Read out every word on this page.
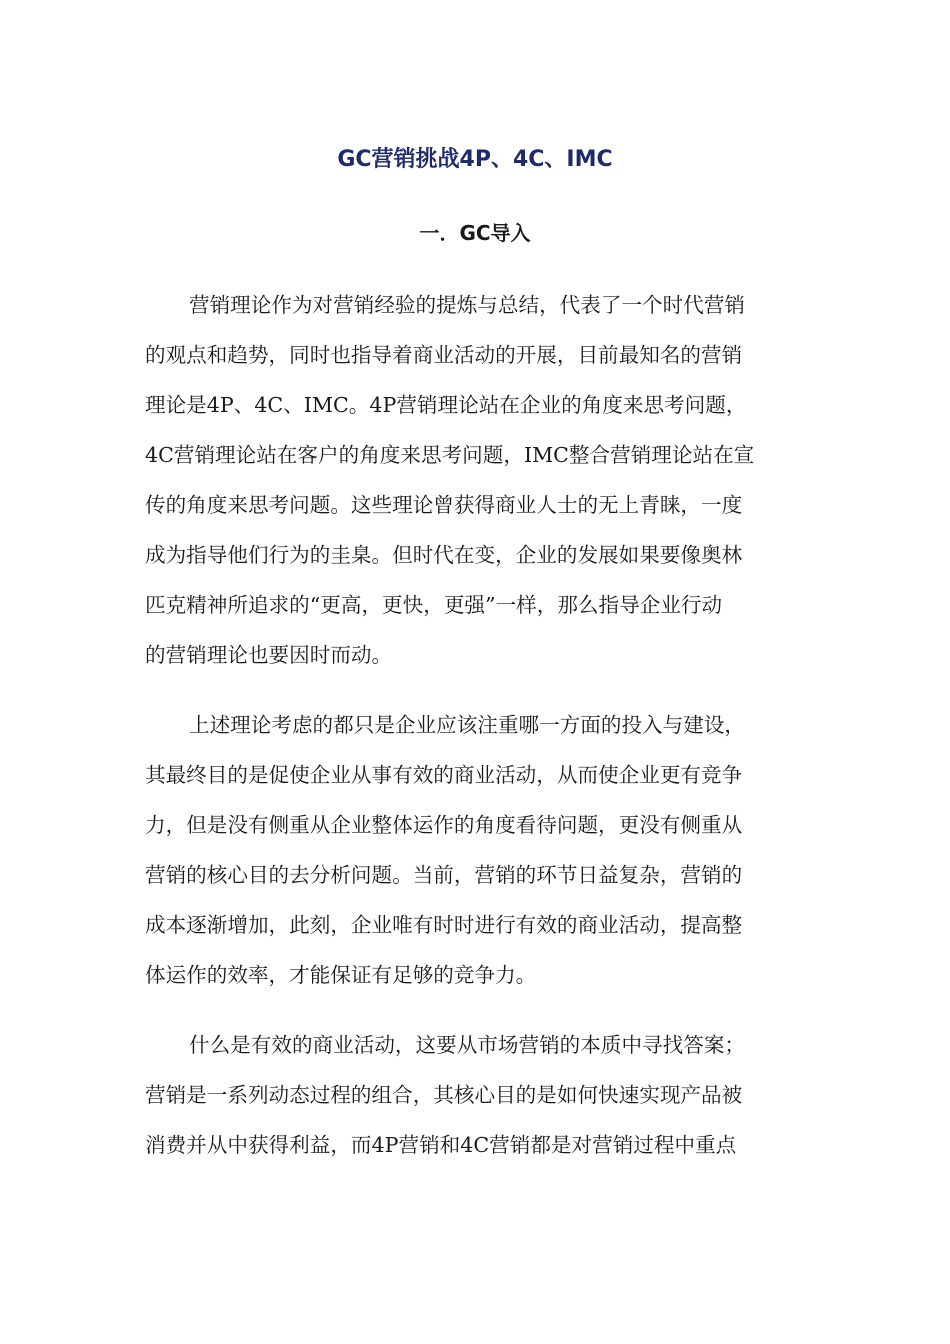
GC营销挑战4P、4C、IMC
一．GC导入
营销理论作为对营销经验的提炼与总结，代表了一个时代营销
的观点和趋势，同时也指导着商业活动的开展，目前最知名的营销
理论是4P、4C、IMC。4P营销理论站在企业的角度来思考问题，
4C营销理论站在客户的角度来思考问题，IMC整合营销理论站在宣
传的角度来思考问题。这些理论曾获得商业人士的无上青睐，一度
成为指导他们行为的圭臬。但时代在变，企业的发展如果要像奥林
匹克精神所追求的“更高，更快，更强”一样，那么指导企业行动
的营销理论也要因时而动。
上述理论考虑的都只是企业应该注重哪一方面的投入与建设，
其最终目的是促使企业从事有效的商业活动，从而使企业更有竞争
力，但是没有侧重从企业整体运作的角度看待问题，更没有侧重从
营销的核心目的去分析问题。当前，营销的环节日益复杂，营销的
成本逐渐增加，此刻，企业唯有时时进行有效的商业活动，提高整
体运作的效率，才能保证有足够的竞争力。
什么是有效的商业活动，这要从市场营销的本质中寻找答案；
营销是一系列动态过程的组合，其核心目的是如何快速实现产品被
消费并从中获得利益，而4P营销和4C营销都是对营销过程中重点
